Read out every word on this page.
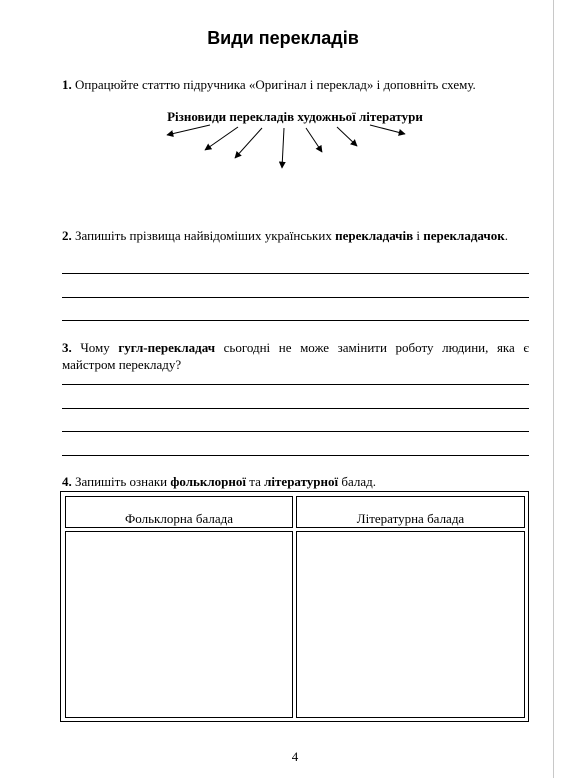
Види перекладів
1. Опрацюйте статтю підручника «Оригінал і переклад» і доповніть схему.
Різновиди перекладів художньої літератури
2. Запишіть прізвища найвідоміших українських перекладачів і перекладачок.
3. Чому гугл-перекладач сьогодні не може замінити роботу людини, яка є майстром перекладу?
4. Запишіть ознаки фольклорної та літературної балад.
Фольклорна балада	Літературна балада
4
